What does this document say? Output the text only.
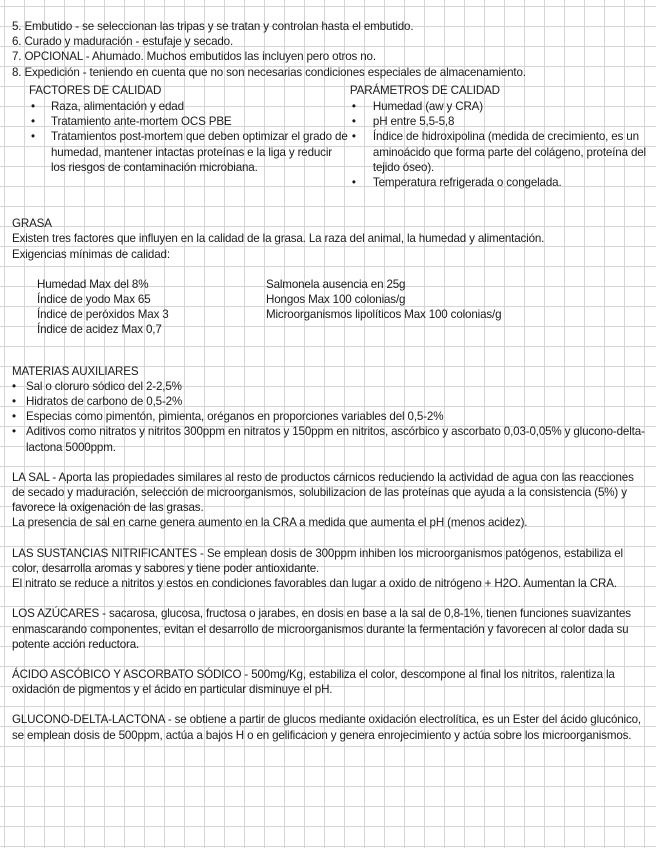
5. Embutido - se seleccionan las tripas y se tratan y controlan hasta el embutido.
6. Curado y maduración - estufaje y secado.
7. OPCIONAL - Ahumado. Muchos embutidos las incluyen pero otros no.
8. Expedición - teniendo en cuenta que no son necesarias condiciones especiales de almacenamiento.
FACTORES DE CALIDAD
• Raza, alimentación y edad
• Tratamiento ante-mortem OCS PBE
• Tratamientos post-mortem que deben optimizar el grado de humedad, mantener intactas proteínas e la liga y reducir los riesgos de contaminación microbiana.
PARÁMETROS DE CALIDAD
• Humedad (aw y CRA)
• pH entre 5,5-5,8
• Índice de hidroxipolina (medida de crecimiento, es un aminoácido que forma parte del colágeno, proteína del tejido óseo).
• Temperatura refrigerada o congelada.
GRASA

Existen tres factores que influyen en la calidad de la grasa. La raza del animal, la humedad y alimentación.

Exigencias mínimas de calidad:

Humedad Max del 8%
Índice de yodo Max 65
Índice de peróxidos Max 3
Índice de acidez Max 0,7
Salmonela ausencia en 25g
Hongos Max 100 colonias/g
Microorganismos lipolíticos Max 100 colonias/g
MATERIAS AUXILIARES
• Sal o cloruro sódico del 2-2,5%
• Hidratos de carbono de 0,5-2%
• Especias como pimentón, pimienta, oréganos en proporciones variables del 0,5-2%
• Aditivos como nitratos y nitritos 300ppm en nitratos y 150ppm en nitritos, ascórbico y ascorbato 0,03-0,05% y glucono-delta-lactona 5000ppm.

LA SAL - Aporta las propiedades similares al resto de productos cárnicos reduciendo la actividad de agua con las reacciones de secado y maduración, selección de microorganismos, solubilizacion de las proteínas que ayuda a la consistencia (5%) y favorece la oxigenación de las grasas.

La presencia de sal en carne genera aumento en la CRA a medida que aumenta el pH (menos acidez).

LAS SUSTANCIAS NITRIFICANTES - Se emplean dosis de 300ppm inhiben los microorganismos patógenos, estabiliza el color, desarrolla aromas y sabores y tiene poder antioxidante.

El nitrato se reduce a nitritos y estos en condiciones favorables dan lugar a oxido de nitrógeno + H2O. Aumentan la CRA.

LOS AZÚCARES - sacarosa, glucosa, fructosa o jarabes, en dosis en base a la sal de 0,8-1%, tienen funciones suavizantes enmascarando componentes, evitan el desarrollo de microorganismos durante la fermentación y favorecen al color dada su potente acción reductora.

ÁCIDO ASCÓBICO Y ASCORBATO SÓDICO - 500mg/Kg, estabiliza el color, descompone al final los nitritos, ralentiza la oxidación de pigmentos y el ácido en particular disminuye el pH.

GLUCONO-DELTA-LACTONA - se obtiene a partir de glucos mediante oxidación electrolítica, es un Ester del ácido glucónico, se emplean dosis de 500ppm, actúa a bajos H o en gelificacion y genera enrojecimiento y actúa sobre los microorganismos.
